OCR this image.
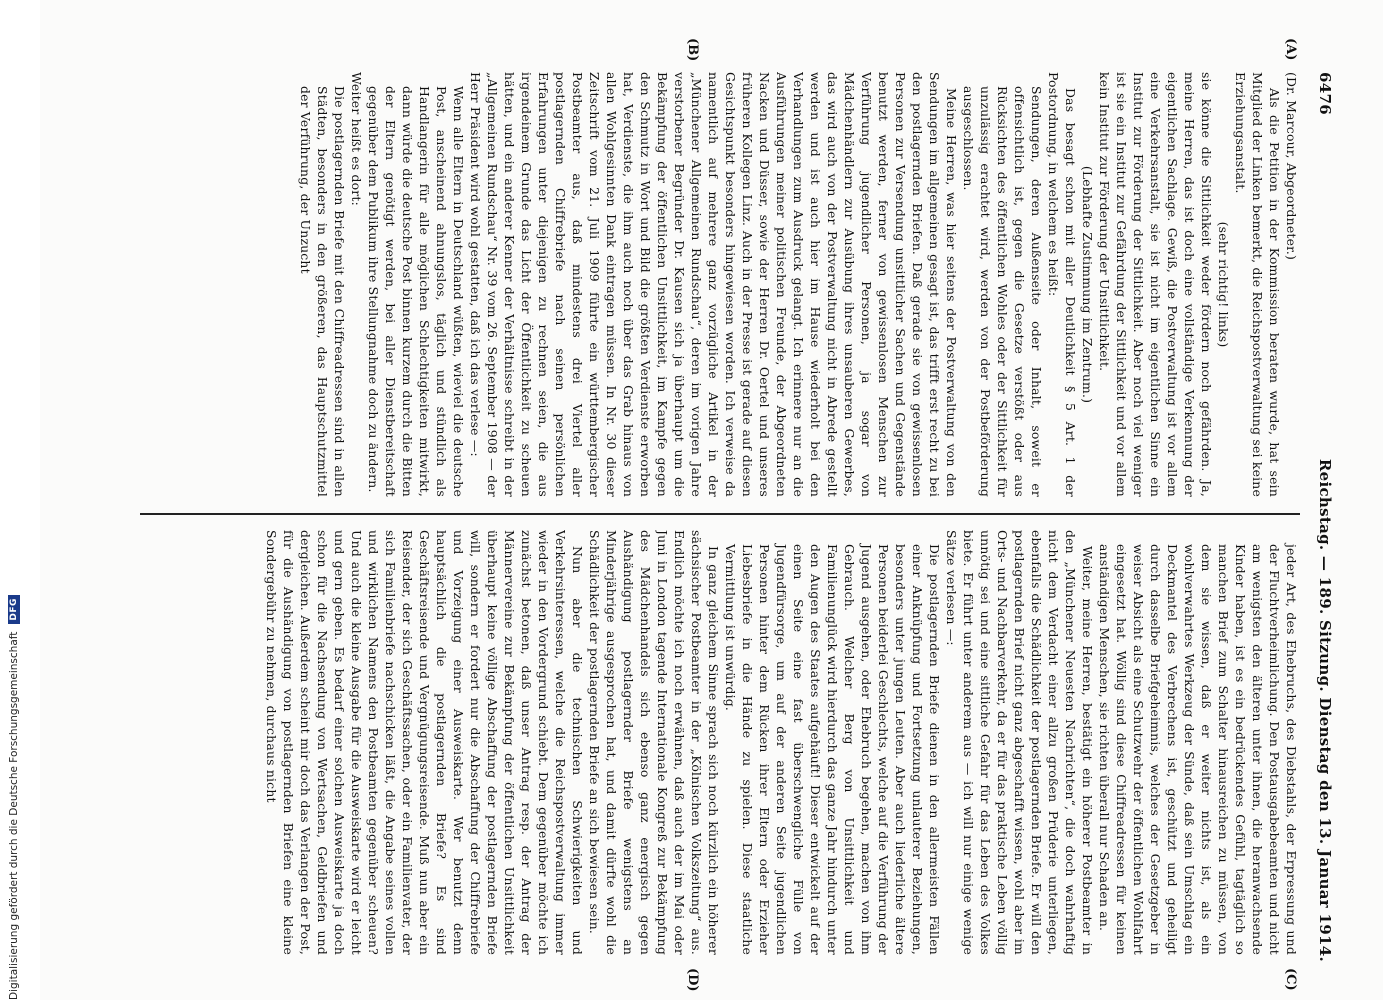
6476
Reichstag. — 189. Sitzung. Dienstag den 13. Januar 1914.

(Dr. Marcour, Abgeordneter.)

Als die Petition in der Kommission beraten wurde, hat sein Mitglied der Linken bemerkt, die Reichspostverwaltung sei keine Erziehungsanstalt.

(sehr richtig! links)

sie könne die Sittlichkeit weder fördern noch gefährden. Ja, meine Herren, das ist doch eine vollständige Verkennung der eigentlichen Sachlage. Gewiß, die Postverwaltung ist vor allem eine Verkehrsanstalt, sie ist nicht im eigentlichen Sinne ein Institut zur Förderung der Sittlichkeit. Aber noch viel weniger ist sie ein Institut zur Gefährdung der Sittlichkeit und vor allem kein Institut zur Förderung der Unsittlichkeit.

(Lebhafte Zustimmung im Zentrum.)

Das besagt schon mit aller Deutlichkeit § 5 Art. 1 der Postordnung, in welchem es heißt:

Sendungen, deren Außenseite oder Inhalt, soweit er offensichtlich ist, gegen die Gesetze verstößt oder aus Rücksichten des öffentlichen Wohles oder der Sittlichkeit für unzulässig erachtet wird, werden von der Postbeförderung ausgeschlossen.

Meine Herren, was hier seitens der Postverwaltung von den Sendungen im allgemeinen gesagt ist, das trifft erst recht zu bei den postlagernden Briefen. Daß gerade sie von gewissenlosen Personen zur Versendung unsittlicher Sachen und Gegenstände benutzt werden, ferner von gewissenlosen Menschen zur Verführung jugendlicher Personen, ja sogar von Mädchenhändlern zur Ausübung ihres unsauberen Gewerbes, das wird auch von der Postverwaltung nicht in Abrede gestellt werden und ist auch hier im Hause wiederholt bei den Verhandlungen zum Ausdruck gelangt. Ich erinnere nur an die Ausführungen meiner politischen Freunde, der Abgeordneten Nacken und Düsser, sowie der Herren Dr. Oertel und unseres früheren Kollegen Linz. Auch in der Presse ist gerade auf diesen Gesichtspunkt besonders hingewiesen worden. Ich verweise da namentlich auf mehrere ganz vorzügliche Artikel in der „Münchener Allgemeinen Rundschau“, deren im vorigen Jahre verstorbener Begründer Dr. Kausen sich ja überhaupt um die Bekämpfung der öffentlichen Unsittlichkeit, im Kampfe gegen den Schmutz in Wort und Bild die größten Verdienste erworben hat, Verdienste, die ihm auch noch über das Grab hinaus von allen Wohlgesinnten Dank eintragen müssen. In Nr. 30 dieser Zeitschrift vom 21. Juli 1909 führte ein württembergischer Postbeamter aus, daß mindestens drei Viertel aller postlagernden Chiffrebriefe nach seinen persönlichen Erfahrungen unter diejenigen zu rechnen seien, die aus irgendeinem Grunde das Licht der Öffentlichkeit zu scheuen hätten, und ein anderer Kenner der Verhältnisse schreibt in der „Allgemeinen Rundschau“ Nr. 39 vom 26. September 1908 — der Herr Präsident wird wohl gestatten, daß ich das verlese —:

Wenn alle Eltern in Deutschland wüßten, wieviel die deutsche Post, anscheinend ahnungslos, täglich und stündlich als Handlangerin für alle möglichen Schlechtigkeiten mitwirkt, dann würde die deutsche Post binnen kurzem durch die Bitten der Eltern genötigt werden, bei aller Dienstbereitschaft gegenüber dem Publikum ihre Stellungnahme doch zu ändern.

Weiter heißt es dort:

Die postlagernden Briefe mit den Chiffreadressen sind in allen Städten, besonders in den größeren, das Hauptschutzmittel der Verführung, der Unzucht

jeder Art, des Ehebruchs, des Diebstahls, der Erpressung und der Fluchtverheimlichung. Den Postausgabebeamten und nicht am wenigsten den älteren unter ihnen, die heranwachsende Kinder haben, ist es ein bedrückendes Gefühl, tagtäglich so manchen Brief zum Schalter hinausreichen zu müssen, von dem sie wissen, daß er weiter nichts ist, als ein wohlverwahrtes Werkzeug der Sünde, daß sein Umschlag ein Deckmantel des Verbrechens ist, geschützt und geheiligt durch dasselbe Briefgeheimnis, welches der Gesetzgeber in weiser Absicht als eine Schutzwehr der öffentlichen Wohlfahrt eingesetzt hat. Wöllig sind diese Chiffreadressen für keinen anständigen Menschen, sie richten überall nur Schaden an.

Weiter, meine Herren, bestätigt ein höherer Postbeamter in den „Münchener Neuesten Nachrichten“, die doch wahrhaftig nicht dem Verdacht einer allzu großen Prüderie unterliegen, ebenfalls die Schädlichkeit der postlagernden Briefe. Er will den postlagernden Brief nicht ganz abgeschafft wissen, wohl aber im Orts- und Nachbarverkehr, da er für das praktische Leben völlig unnötig sei und eine sittliche Gefahr für das Leben des Volkes biete. Er führt unter anderem aus — ich will nur einige wenige Sätze verlesen —:

Die postlagernden Briefe dienen in den allermeisten Fällen einer Anknüpfung und Fortsetzung unlauterer Beziehungen, besonders unter jungen Leuten. Aber auch liederliche ältere Personen beiderlei Geschlechts, welche auf die Verführung der Jugend ausgehen, oder Ehebruch begehen, machen von ihm Gebrauch. Welcher Berg von Unsittlichkeit und Familienunglück wird hierdurch das ganze Jahr hindurch unter den Augen des Staates aufgehäuft! Dieser entwickelt auf der einen Seite eine fast überschwengliche Fülle von Jugendfürsorge, um auf der anderen Seite jugendlichen Personen hinter dem Rücken ihrer Eltern oder Erzieher Liebesbriefe in die Hände zu spielen. Diese staatliche Vermittlung ist unwürdig.

In ganz gleichem Sinne sprach sich noch kürzlich ein höherer sächsischer Postbeamter in der „Kölnischen Volkszeitung“ aus. Endlich möchte ich noch erwähnen, daß auch der im Mai oder Juni in London tagende Internationale Kongreß zur Bekämpfung des Mädchenhandels sich ebenso ganz energisch gegen Aushändigung postlagernder Briefe wenigstens an Minderjährige ausgesprochen hat, und damit dürfte wohl die Schädlichkeit der postlagernden Briefe an sich bewiesen sein.

Nun aber die technischen Schwierigkeiten und Verkehrsinteressen, welche die Reichspostverwaltung immer wieder in den Vordergrund schiebt. Dem gegenüber möchte ich zunächst betonen, daß unser Antrag resp. der Antrag der Männervereine zur Bekämpfung der öffentlichen Unsittlichkeit überhaupt keine völlige Abschaffung der postlagernden Briefe will, sondern er fordert nur die Abschaffung der Chiffrebriefe und Vorzeigung einer Ausweiskarte. Wer benutzt denn hauptsächlich die postlagernden Briefe? Es sind Geschäftsreisende und Vergnügungsreisende. Muß nun aber ein Reisender, der sich Geschäftssachen, oder ein Familienvater, der sich Familienbriefe nachschicken läßt, die Angabe seines vollen und wirklichen Namens den Postbeamten gegenüber scheuen? Und auch die kleine Ausgabe für die Ausweiskarte wird er leicht und gern geben. Es bedarf einer solchen Ausweiskarte ja doch schon für die Nachsendung von Wertsachen, Geldbriefen und dergleichen. Außerdem scheint mir doch das Verlangen der Post, für die Aushändigung von postlagernden Briefen eine kleine Sondergebühr zu nehmen, durchaus nicht

(A)
(B)
(C)
(D)
Digitalisierung gefördert durch die Deutsche Forschungsgemeinschaft
DFG
